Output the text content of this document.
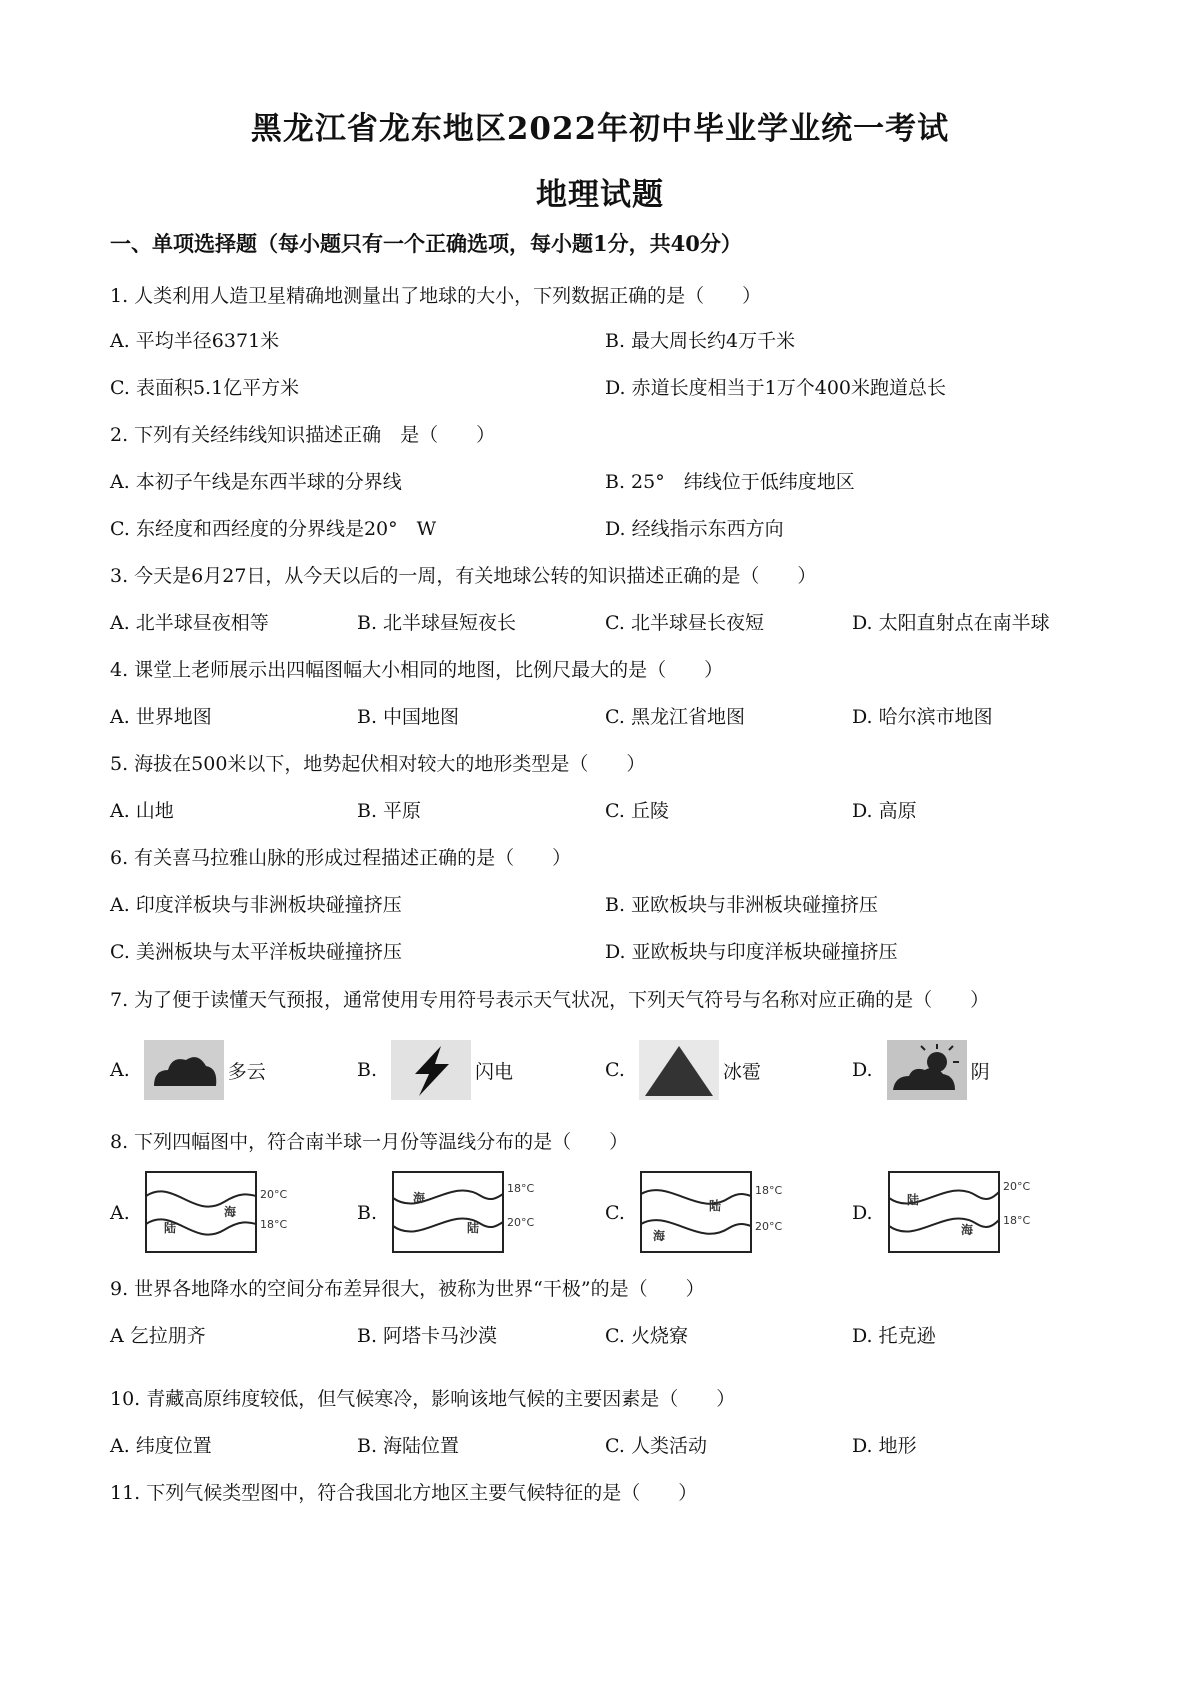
黑龙江省龙东地区2022年初中毕业学业统一考试
地理试题
一、单项选择题（每小题只有一个正确选项，每小题1分，共40分）
1. 人类利用人造卫星精确地测量出了地球的大小，下列数据正确的是（　　）
A. 平均半径6371米	B. 最大周长约4万千米
C. 表面积5.1亿平方米	D. 赤道长度相当于1万个400米跑道总长
2. 下列有关经纬线知识描述正确　是（　　）
A. 本初子午线是东西半球的分界线	B. 25°　纬线位于低纬度地区
C. 东经度和西经度的分界线是20°　W	D. 经线指示东西方向
3. 今天是6月27日，从今天以后的一周，有关地球公转的知识描述正确的是（　　）
A. 北半球昼夜相等	B. 北半球昼短夜长	C. 北半球昼长夜短	D. 太阳直射点在南半球
4. 课堂上老师展示出四幅图幅大小相同的地图，比例尺最大的是（　　）
A. 世界地图	B. 中国地图	C. 黑龙江省地图	D. 哈尔滨市地图
5. 海拔在500米以下，地势起伏相对较大的地形类型是（　　）
A. 山地	B. 平原	C. 丘陵	D. 高原
6. 有关喜马拉雅山脉的形成过程描述正确的是（　　）
A. 印度洋板块与非洲板块碰撞挤压	B. 亚欧板块与非洲板块碰撞挤压
C. 美洲板块与太平洋板块碰撞挤压	D. 亚欧板块与印度洋板块碰撞挤压
7. 为了便于读懂天气预报，通常使用专用符号表示天气状况，下列天气符号与名称对应正确的是（　　）
A.	多云	B.	闪电	C.	冰雹	D.	阴
8. 下列四幅图中，符合南半球一月份等温线分布的是（　　）
A.	海
陆
20°C
18°C
B.
海
陆
18°C
20°C	C.	陆
海
18°C
20°C
D.
陆
海
20°C
18°C
9. 世界各地降水的空间分布差异很大，被称为世界“干极”的是（　　）
A 乞拉朋齐	B. 阿塔卡马沙漠	C. 火烧寮	D. 托克逊
10. 青藏高原纬度较低，但气候寒冷，影响该地气候的主要因素是（　　）
A. 纬度位置	B. 海陆位置	C. 人类活动	D. 地形
11. 下列气候类型图中，符合我国北方地区主要气候特征的是（　　）
